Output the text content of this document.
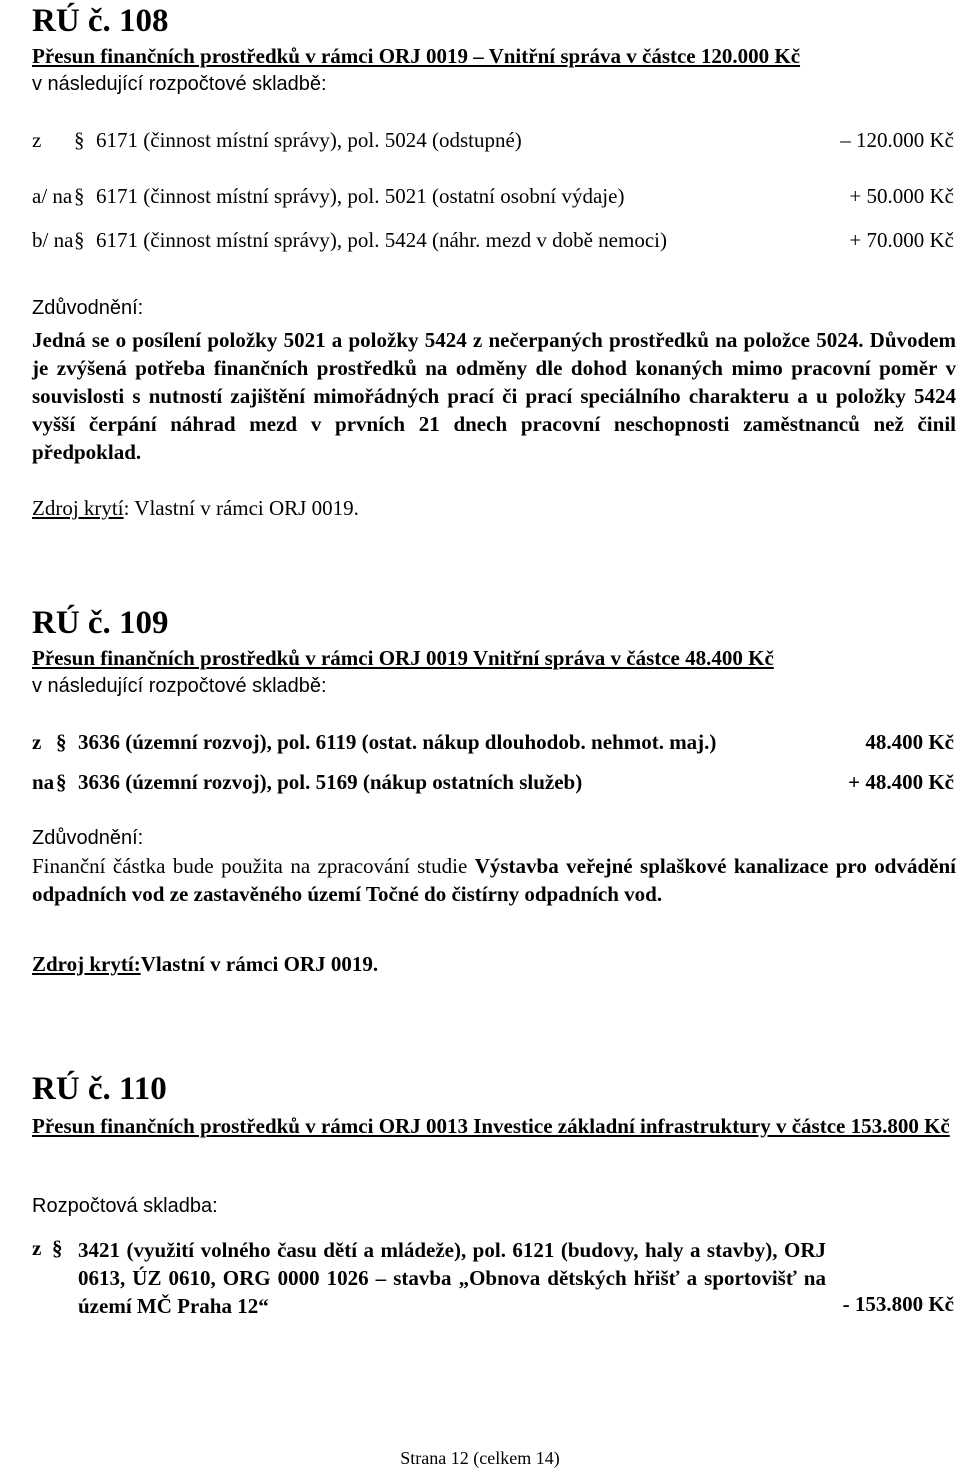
RÚ č. 108
Přesun finančních prostředků v rámci ORJ 0019 – Vnitřní správa v částce 120.000 Kč
v následující rozpočtové skladbě:
z § 6171 (činnost místní správy), pol. 5024 (odstupné)	– 120.000 Kč
a/ na § 6171 (činnost místní správy), pol. 5021 (ostatní osobní výdaje)	+ 50.000 Kč
b/ na § 6171 (činnost místní správy), pol. 5424 (náhr. mezd v době nemoci)	+ 70.000 Kč
Zdůvodnění:
Jedná se o posílení položky 5021 a položky 5424 z nečerpaných prostředků na položce 5024. Důvodem je zvýšená potřeba finančních prostředků na odměny dle dohod konaných mimo pracovní poměr v souvislosti s nutností zajištění mimořádných prací či prací speciálního charakteru a u položky 5424 vyšší čerpání náhrad mezd v prvních 21 dnech pracovní neschopnosti zaměstnanců než činil předpoklad.
Zdroj krytí: Vlastní v rámci ORJ 0019.
RÚ č. 109
Přesun finančních prostředků v rámci ORJ 0019 Vnitřní správa v částce 48.400 Kč
v následující rozpočtové skladbě:
z § 3636 (územní rozvoj), pol. 6119 (ostat. nákup dlouhodob. nehmot. maj.)	48.400 Kč
na § 3636 (územní rozvoj), pol. 5169 (nákup ostatních služeb)	+ 48.400 Kč
Zdůvodnění:
Finanční částka bude použita na zpracování studie Výstavba veřejné splaškové kanalizace pro odvádění odpadních vod ze zastavěného území Točné do čistírny odpadních vod.
Zdroj krytí:Vlastní v rámci ORJ 0019.
RÚ č. 110
Přesun finančních prostředků v rámci ORJ 0013 Investice základní infrastruktury v částce 153.800 Kč
Rozpočtová skladba:
z § 3421 (využití volného času dětí a mládeže), pol. 6121 (budovy, haly a stavby), ORJ 0613, ÚZ 0610, ORG 0000 1026 – stavba „Obnova dětských hřišť a sportovišť na území MČ Praha 12“	- 153.800 Kč
Strana 12 (celkem 14)
